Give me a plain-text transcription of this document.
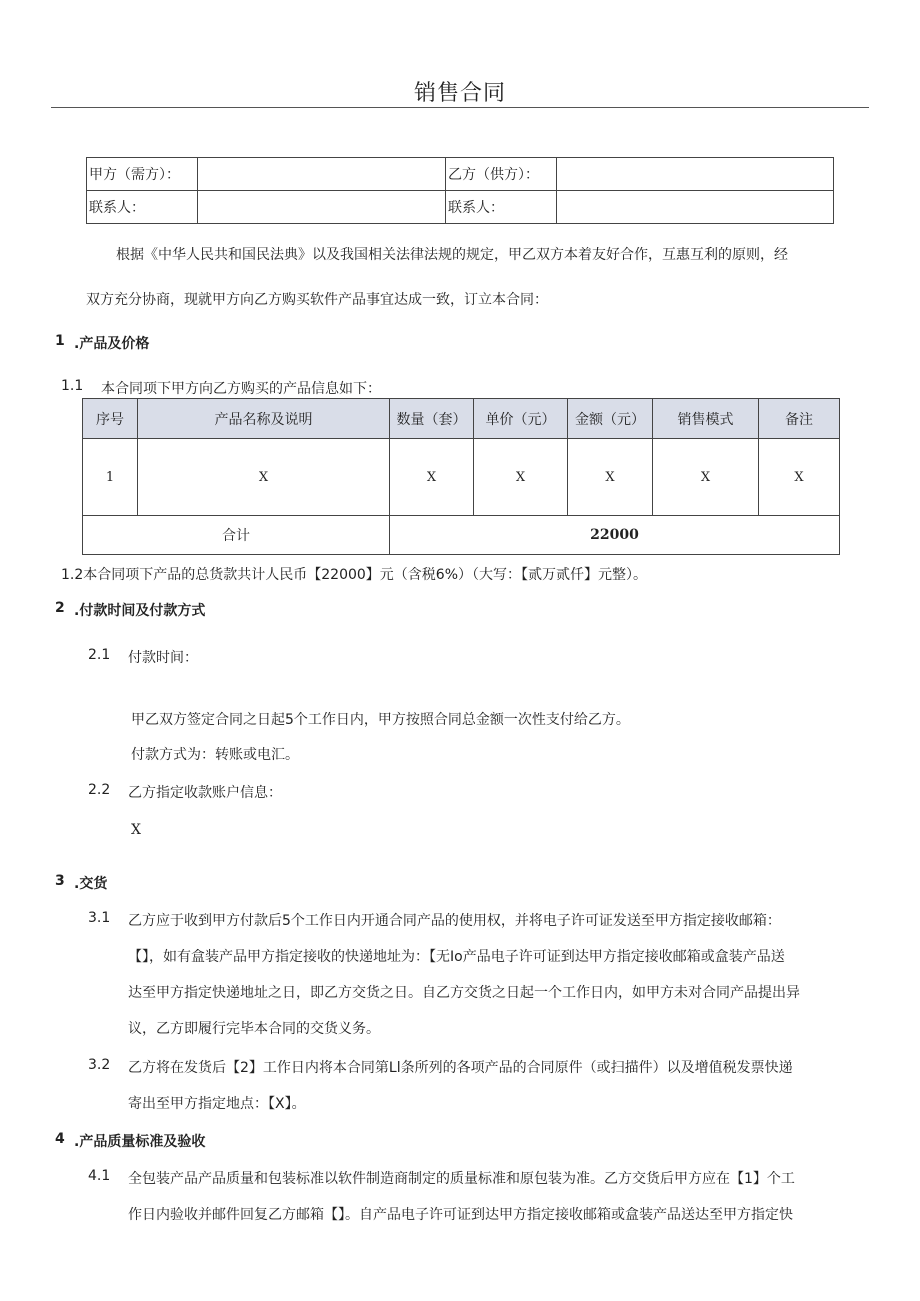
销售合同
甲方（需方）：		乙方（供方）：	
联系人：		联系人：	
根据《中华人民共和国民法典》以及我国相关法律法规的规定，甲乙双方本着友好合作，互惠互利的原则，经
双方充分协商，现就甲方向乙方购买软件产品事宜达成一致，订立本合同：
1 .产品及价格
1.1 本合同项下甲方向乙方购买的产品信息如下：
序号	产品名称及说明	数量（套）	单价（元）	金额（元）	销售模式	备注
1	X	X	X	X	X	X
合计		22000				
1.2本合同项下产品的总货款共计人民币【22000】元（含税6%）（大写：【贰万贰仟】元整）。
2 .付款时间及付款方式
2.1 付款时间：
甲乙双方签定合同之日起5个工作日内，甲方按照合同总金额一次性支付给乙方。
付款方式为：转账或电汇。
2.2 乙方指定收款账户信息：
X
3 .交货
3.1 乙方应于收到甲方付款后5个工作日内开通合同产品的使用权，并将电子许可证发送至甲方指定接收邮箱：
【】，如有盒装产品甲方指定接收的快递地址为：【无Io产品电子许可证到达甲方指定接收邮箱或盒装产品送
达至甲方指定快递地址之日，即乙方交货之日。自乙方交货之日起一个工作日内，如甲方未对合同产品提出异
议，乙方即履行完毕本合同的交货义务。
3.2 乙方将在发货后【2】工作日内将本合同第Ll条所列的各项产品的合同原件（或扫描件）以及增值税发票快递
寄出至甲方指定地点：【X】。
4 .产品质量标准及验收
4.1 全包装产品产品质量和包装标准以软件制造商制定的质量标准和原包装为准。乙方交货后甲方应在【1】个工
作日内验收并邮件回复乙方邮箱【】。自产品电子许可证到达甲方指定接收邮箱或盒装产品送达至甲方指定快
